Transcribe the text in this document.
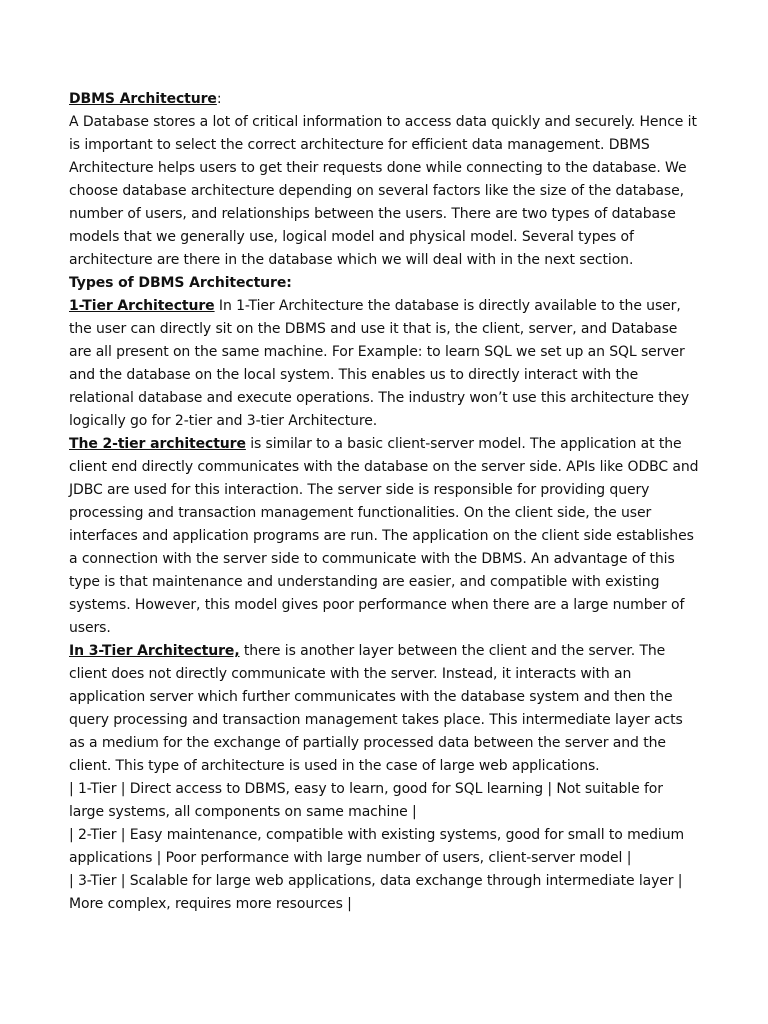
DBMS Architecture:

A Database stores a lot of critical information to access data quickly and securely. Hence it is important to select the correct architecture for efficient data management. DBMS Architecture helps users to get their requests done while connecting to the database. We choose database architecture depending on several factors like the size of the database, number of users, and relationships between the users. There are two types of database models that we generally use, logical model and physical model. Several types of architecture are there in the database which we will deal with in the next section.

Types of DBMS Architecture:

1-Tier Architecture In 1-Tier Architecture the database is directly available to the user, the user can directly sit on the DBMS and use it that is, the client, server, and Database are all present on the same machine. For Example: to learn SQL we set up an SQL server and the database on the local system. This enables us to directly interact with the relational database and execute operations. The industry won’t use this architecture they logically go for 2-tier and 3-tier Architecture.

The 2-tier architecture is similar to a basic client-server model. The application at the client end directly communicates with the database on the server side. APIs like ODBC and JDBC are used for this interaction. The server side is responsible for providing query processing and transaction management functionalities. On the client side, the user interfaces and application programs are run. The application on the client side establishes a connection with the server side to communicate with the DBMS. An advantage of this type is that maintenance and understanding are easier, and compatible with existing systems. However, this model gives poor performance when there are a large number of users.

In 3-Tier Architecture, there is another layer between the client and the server. The client does not directly communicate with the server. Instead, it interacts with an application server which further communicates with the database system and then the query processing and transaction management takes place. This intermediate layer acts as a medium for the exchange of partially processed data between the server and the client. This type of architecture is used in the case of large web applications.

| 1-Tier | Direct access to DBMS, easy to learn, good for SQL learning | Not suitable for large systems, all components on same machine |

| 2-Tier | Easy maintenance, compatible with existing systems, good for small to medium applications | Poor performance with large number of users, client-server model |

| 3-Tier | Scalable for large web applications, data exchange through intermediate layer | More complex, requires more resources |
